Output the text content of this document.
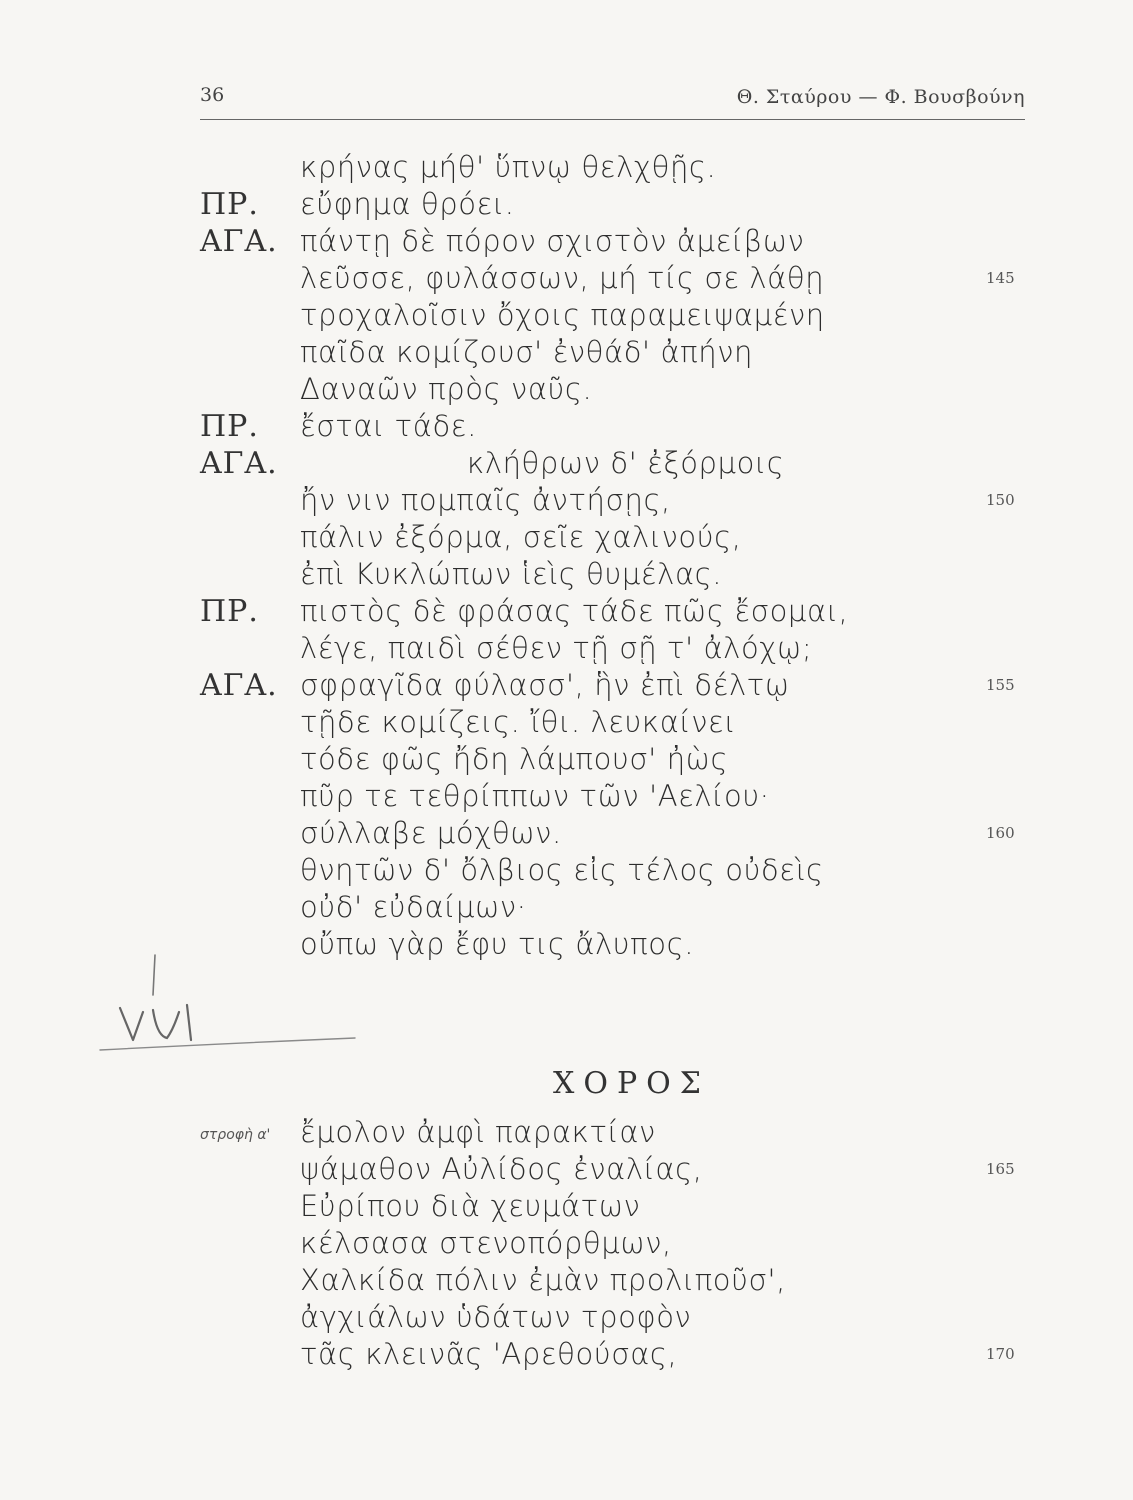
36	Θ. Σταύρου — Φ. Βουσβούνη
κρήνας μήθ' ὕπνῳ θελχθῇς.
ΠΡ. εὔφημα θρόει.
ΑΓΑ. πάντῃ δὲ πόρον σχιστὸν ἀμείβων
λεῦσσε, φυλάσσων, μή τίς σε λάθῃ	145
τροχαλοῖσιν ὄχοις παραμειψαμένη
παῖδα κομίζουσ' ἐνθάδ' ἀπήνη
Δαναῶν πρὸς ναῦς.
ΠΡ. ἔσται τάδε.
ΑΓΑ.	κλήθρων δ' ἐξόρμοις
ἤν νιν πομπαῖς ἀντήσῃς,	150
πάλιν ἐξόρμα, σεῖε χαλινούς,
ἐπὶ Κυκλώπων ἱεὶς θυμέλας.
ΠΡ. πιστὸς δὲ φράσας τάδε πῶς ἔσομαι,
λέγε, παιδὶ σέθεν τῇ σῇ τ' ἀλόχῳ;
ΑΓΑ. σφραγῖδα φύλασσ', ἣν ἐπὶ δέλτῳ	155
τῇδε κομίζεις. ἴθι. λευκαίνει
τόδε φῶς ἤδη λάμπουσ' ἠὼς
πῦρ τε τεθρίππων τῶν 'Αελίου·
σύλλαβε μόχθων.	160
θνητῶν δ' ὄλβιος εἰς τέλος οὐδεὶς
οὐδ' εὐδαίμων·
οὔπω γὰρ ἔφυ τις ἄλυπος.
ΧΟΡΟΣ
στροφὴ α' ἔμολον ἀμφὶ παρακτίαν
ψάμαθον Αὐλίδος ἐναλίας,	165
Εὐρίπου διὰ χευμάτων
κέλσασα στενοπόρθμων,
Χαλκίδα πόλιν ἐμὰν προλιποῦσ',
ἀγχιάλων ὑδάτων τροφὸν
τᾶς κλεινᾶς 'Αρεθούσας,	170
